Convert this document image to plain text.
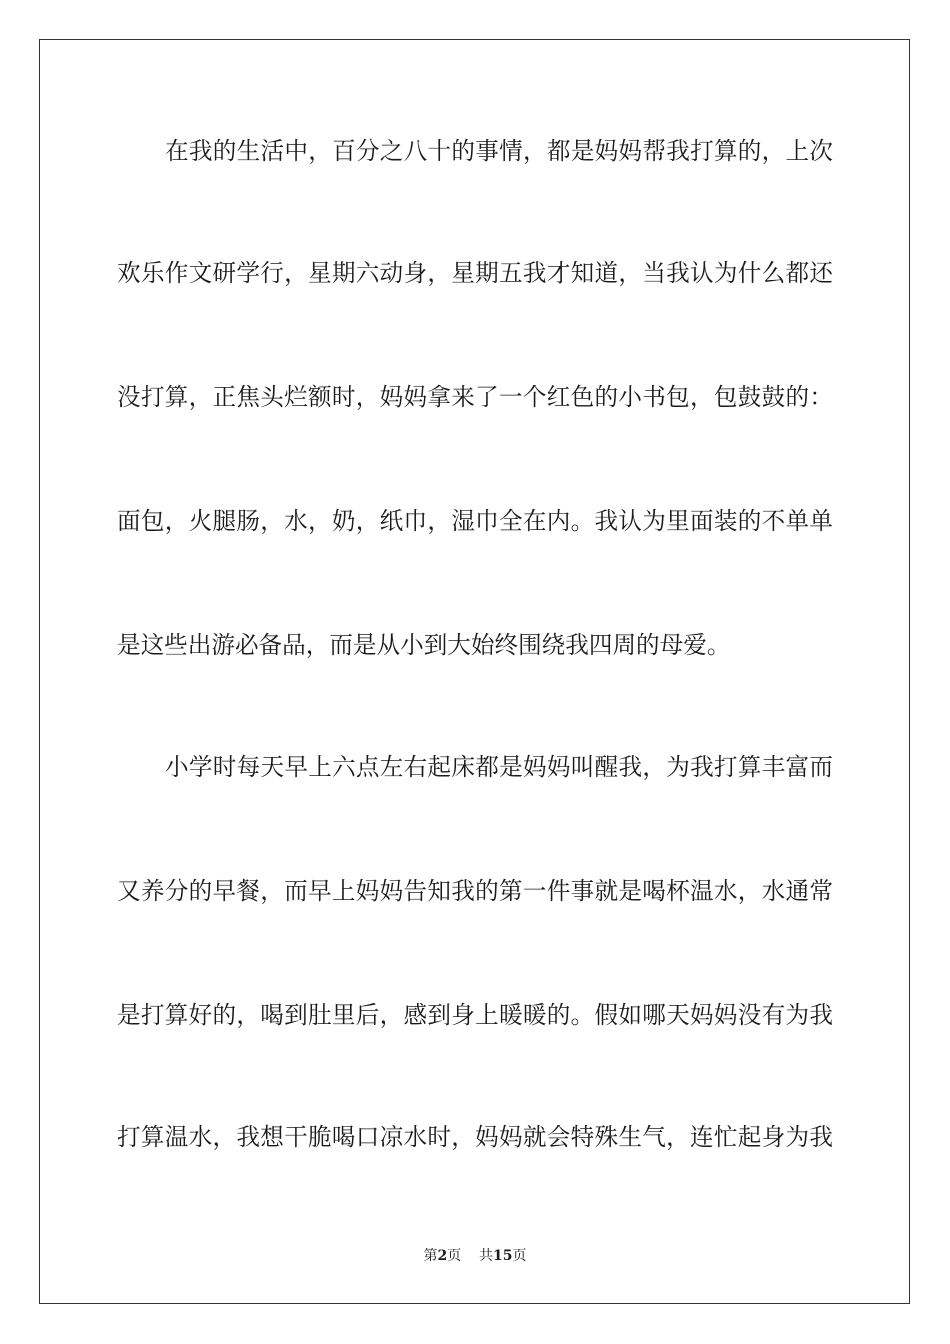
在我的生活中，百分之八十的事情，都是妈妈帮我打算的，上次
欢乐作文研学行，星期六动身，星期五我才知道，当我认为什么都还
没打算，正焦头烂额时，妈妈拿来了一个红色的小书包，包鼓鼓的：
面包，火腿肠，水，奶，纸巾，湿巾全在内。我认为里面装的不单单
是这些出游必备品，而是从小到大始终围绕我四周的母爱。
小学时每天早上六点左右起床都是妈妈叫醒我，为我打算丰富而
又养分的早餐，而早上妈妈告知我的第一件事就是喝杯温水，水通常
是打算好的，喝到肚里后，感到身上暖暖的。假如哪天妈妈没有为我
打算温水，我想干脆喝口凉水时，妈妈就会特殊生气，连忙起身为我
第2页    共15页
